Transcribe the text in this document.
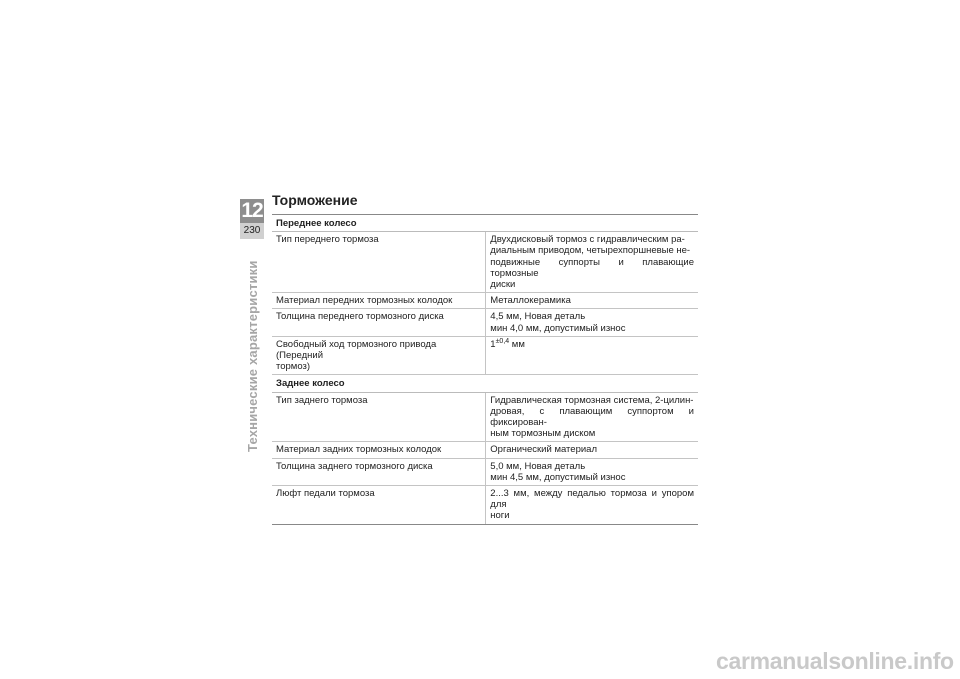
12
230
Технические характеристики
Торможение
Переднее колесо	

Тип переднего тормоза	Двухдисковый тормоз с гидравлическим ра-
диальным приводом, четырехпоршневые не-
подвижные суппорты и плавающие тормозные
диски

Материал передних тормозных колодок	Металлокерамика

Толщина переднего тормозного диска	4,5 мм, Новая деталь
мин 4,0 мм, допустимый износ

Свободный ход тормозного привода (Передний
тормоз)	$1^{\pm 0,4}$ мм
Заднее колесо	

Тип заднего тормоза	Гидравлическая тормозная система, 2-цилин-
дровая, с плавающим суппортом и фиксирован-
ным тормозным диском

Материал задних тормозных колодок	Органический материал

Толщина заднего тормозного диска	5,0 мм, Новая деталь
мин 4,5 мм, допустимый износ

Люфт педали тормоза	2...3 мм, между педалью тормоза и упором для
ноги
carmanualsonline.info
